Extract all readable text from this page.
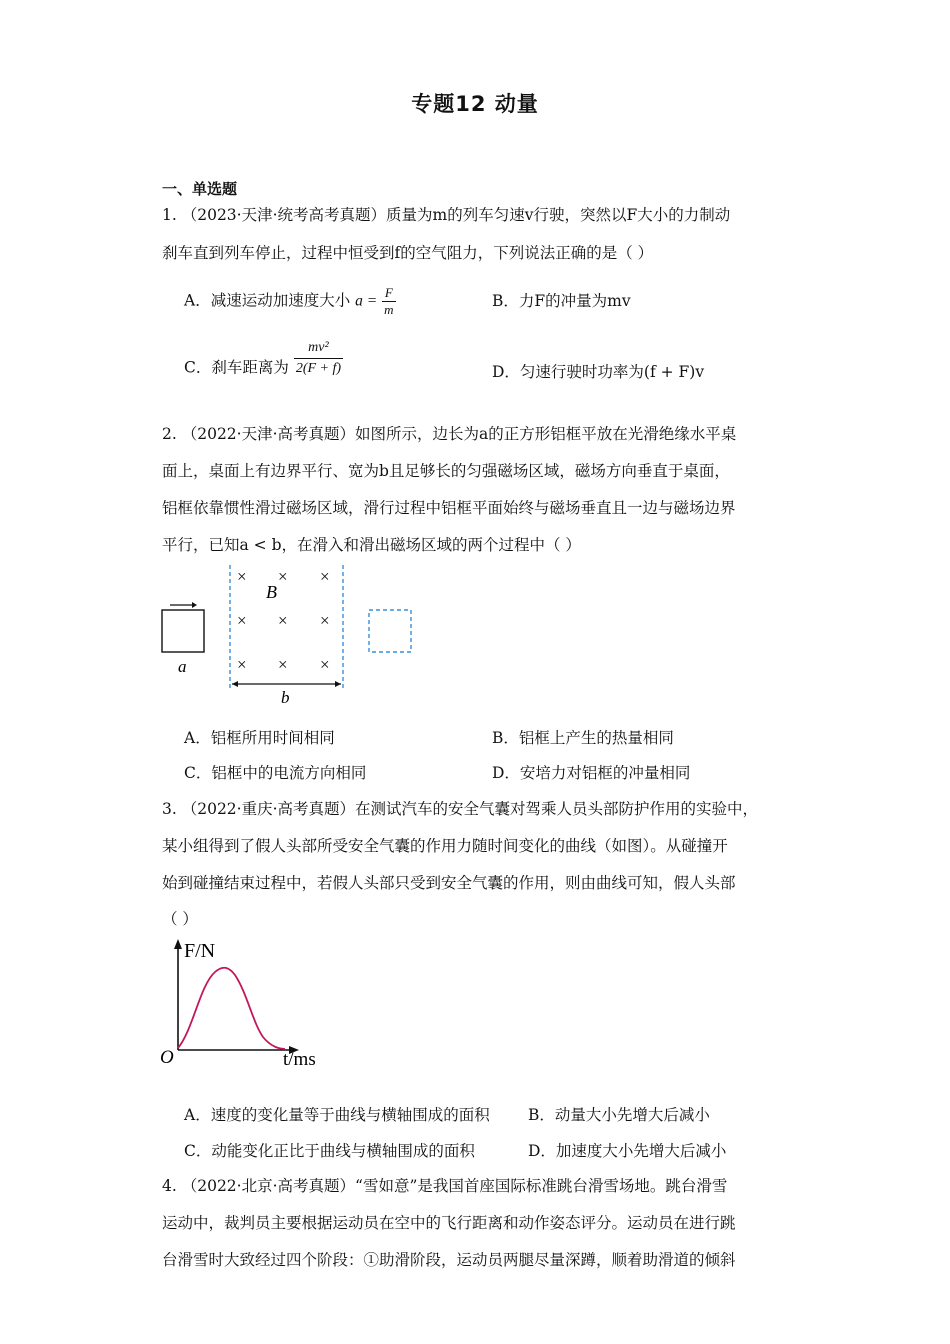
专题12 动量
一、单选题
1. （2023·天津·统考高考真题）质量为m的列车匀速v行驶，突然以F大小的力制动
刹车直到列车停止，过程中恒受到f的空气阻力，下列说法正确的是（ ）
A．减速运动加速度大小 $a = \frac{F}{m}$	B．力F的冲量为mv
C．刹车距离为 $\frac{\text{mv²}}{2(F + f)}$	D．匀速行驶时功率为(f + F)v
2. （2022·天津·高考真题）如图所示，边长为a的正方形铝框平放在光滑绝缘水平桌
面上，桌面上有边界平行、宽为b且足够长的匀强磁场区域，磁场方向垂直于桌面，
铝框依靠惯性滑过磁场区域，滑行过程中铝框平面始终与磁场垂直且一边与磁场边界
平行，已知a < b，在滑入和滑出磁场区域的两个过程中（ ）
a
× × ×
× × ×
× × ×
B
b
A．铝框所用时间相同	B．铝框上产生的热量相同
C．铝框中的电流方向相同	D．安培力对铝框的冲量相同
3. （2022·重庆·高考真题）在测试汽车的安全气囊对驾乘人员头部防护作用的实验中，
某小组得到了假人头部所受安全气囊的作用力随时间变化的曲线（如图）。从碰撞开
始到碰撞结束过程中，若假人头部只受到安全气囊的作用，则由曲线可知，假人头部
（ ）
F/N
O	t/ms
A．速度的变化量等于曲线与横轴围成的面积 B．动量大小先增大后减小
C．动能变化正比于曲线与横轴围成的面积	D．加速度大小先增大后减小
4. （2022·北京·高考真题）“雪如意”是我国首座国际标准跳台滑雪场地。跳台滑雪
运动中，裁判员主要根据运动员在空中的飞行距离和动作姿态评分。运动员在进行跳
台滑雪时大致经过四个阶段：①助滑阶段，运动员两腿尽量深蹲，顺着助滑道的倾斜
